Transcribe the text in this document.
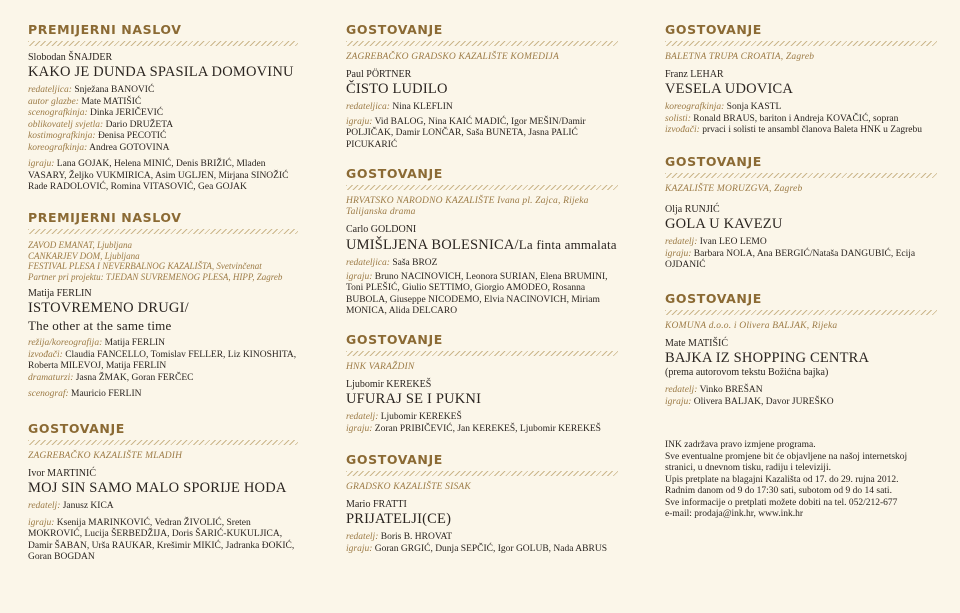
PREMIJERNI NASLOV
Slobodan ŠNAJDER
KAKO JE DUNDA SPASILA DOMOVINU
redateljica: Snježana BANOVIĆ
autor glazbe: Mate MATIŠIĆ
scenografkinja: Dinka JERIČEVIĆ
oblikovatelj svjetla: Dario DRUŽETA
kostimografkinja: Đenisa PECOTIĆ
koreografkinja: Andrea GOTOVINA
igraju: Lana GOJAK, Helena MINIĆ, Denis BRIŽIĆ, Mladen VASARY, Željko VUKMIRICA, Asim UGLJEN, Mirjana SINOŽIĆ Rade RADOLOVIĆ, Romina VITASOVIĆ, Gea GOJAK
PREMIJERNI NASLOV
ZAVOD EMANAT, Ljubljana
CANKARJEV DOM, Ljubljana
FESTIVAL PLESA I NEVERBALNOG KAZALIŠTA, Svetvinčenat
Partner pri projektu: TJEDAN SUVREMENOG PLESA, HIPP, Zagreb
Matija FERLIN
ISTOVREMENO DRUGI/
The other at the same time
režija/koreografija: Matija FERLIN
izvođači: Claudia FANCELLO, Tomislav FELLER, Liz KINOSHITA, Roberta MILEVOJ, Matija FERLIN
dramaturzi: Jasna ŽMAK, Goran FERČEC
scenograf: Mauricio FERLIN
GOSTOVANJE
ZAGREBAČKO KAZALIŠTE MLADIH
Ivor MARTINIĆ
MOJ SIN SAMO MALO SPORIJE HODA
redatelj: Janusz KICA
igraju: Ksenija MARINKOVIĆ, Vedran ŽIVOLIĆ, Sreten MOKROVIĆ, Lucija ŠERBEDŽIJA, Doris ŠARIĆ-KUKULJICA, Damir ŠABAN, Urša RAUKAR, Krešimir MIKIĆ, Jadranka ĐOKIĆ, Goran BOGDAN
GOSTOVANJE
ZAGREBAČKO GRADSKO KAZALIŠTE KOMEDIJA
Paul PÖRTNER
ČISTO LUDILO
redateljica: Nina KLEFLIN
igraju: Vid BALOG, Nina KAIĆ MADIĆ, Igor MEŠIN/Damir POLJIČAK, Damir LONČAR, Saša BUNETA, Jasna PALIĆ PICUKARIĆ
GOSTOVANJE
HRVATSKO NARODNO KAZALIŠTE Ivana pl. Zajca, Rijeka
Talijanska drama
Carlo GOLDONI
UMIŠLJENA BOLESNICA/La finta ammalata
redateljica: Saša BROZ
igraju: Bruno NACINOVICH, Leonora SURIAN, Elena BRUMINI, Toni PLEŠIĆ, Giulio SETTIMO, Giorgio AMODEO, Rosanna BUBOLA, Giuseppe NICODEMO, Elvia NACINOVICH, Miriam MONICA, Alida DELCARO
GOSTOVANJE
HNK VARAŽDIN
Ljubomir KEREKEŠ
UFURAJ SE I PUKNI
redatelj: Ljubomir KEREKEŠ
igraju: Zoran PRIBIČEVIĆ, Jan KEREKEŠ, Ljubomir KEREKEŠ
GOSTOVANJE
GRADSKO KAZALIŠTE SISAK
Mario FRATTI
PRIJATELJI(CE)
redatelj: Boris B. HROVAT
igraju: Goran GRGIĆ, Dunja SEPČIĆ, Igor GOLUB, Nada ABRUS
GOSTOVANJE
BALETNA TRUPA CROATIA, Zagreb
Franz LEHAR
VESELA UDOVICA
koreografkinja: Sonja KASTL
solisti: Ronald BRAUS, bariton i Andreja KOVAČIĆ, sopran
izvođači: prvaci i solisti te ansambl članova Baleta HNK u Zagrebu
GOSTOVANJE
KAZALIŠTE MORUZGVA, Zagreb
Olja RUNJIĆ
GOLA U KAVEZU
redatelj: Ivan LEO LEMO
igraju: Barbara NOLA, Ana BERGIĆ/Nataša DANGUBIĆ, Ecija OJDANIĆ
GOSTOVANJE
KOMUNA d.o.o. i Olivera BALJAK, Rijeka
Mate MATIŠIĆ
BAJKA IZ SHOPPING CENTRA
(prema autorovom tekstu Božićna bajka)
redatelj: Vinko BREŠAN
igraju: Olivera BALJAK, Davor JUREŠKO
INK zadržava pravo izmjene programa.
Sve eventualne promjene bit će objavljene na našoj internetskoj
stranici, u dnevnom tisku, radiju i televiziji.
Upis pretplate na blagajni Kazališta od 17. do 29. rujna 2012.
Radnim danom od 9 do 17:30 sati, subotom od 9 do 14 sati.
Sve informacije o pretplati možete dobiti na tel. 052/212-677
e-mail: prodaja@ink.hr, www.ink.hr
